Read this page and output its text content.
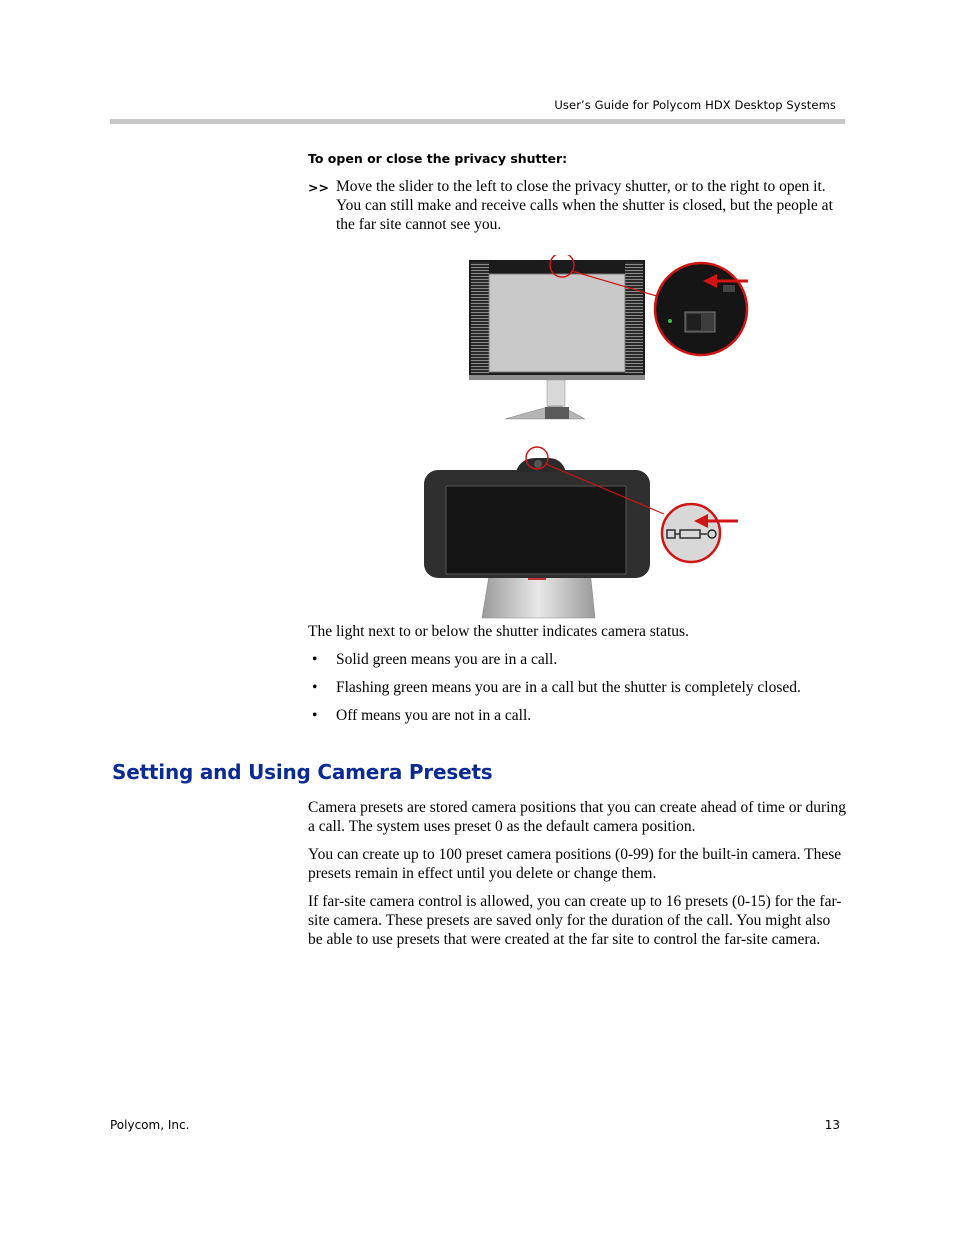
User’s Guide for Polycom HDX Desktop Systems
To open or close the privacy shutter:
>> Move the slider to the left to close the privacy shutter, or to the right to open it. You can still make and receive calls when the shutter is closed, but the people at the far site cannot see you.
The light next to or below the shutter indicates camera status.
• Solid green means you are in a call.
• Flashing green means you are in a call but the shutter is completely closed.
• Off means you are not in a call.
Setting and Using Camera Presets
Camera presets are stored camera positions that you can create ahead of time or during a call. The system uses preset 0 as the default camera position.
You can create up to 100 preset camera positions (0-99) for the built-in camera. These presets remain in effect until you delete or change them.
If far-site camera control is allowed, you can create up to 16 presets (0-15) for the far-site camera. These presets are saved only for the duration of the call. You might also be able to use presets that were created at the far site to control the far-site camera.
Polycom, Inc.	13
